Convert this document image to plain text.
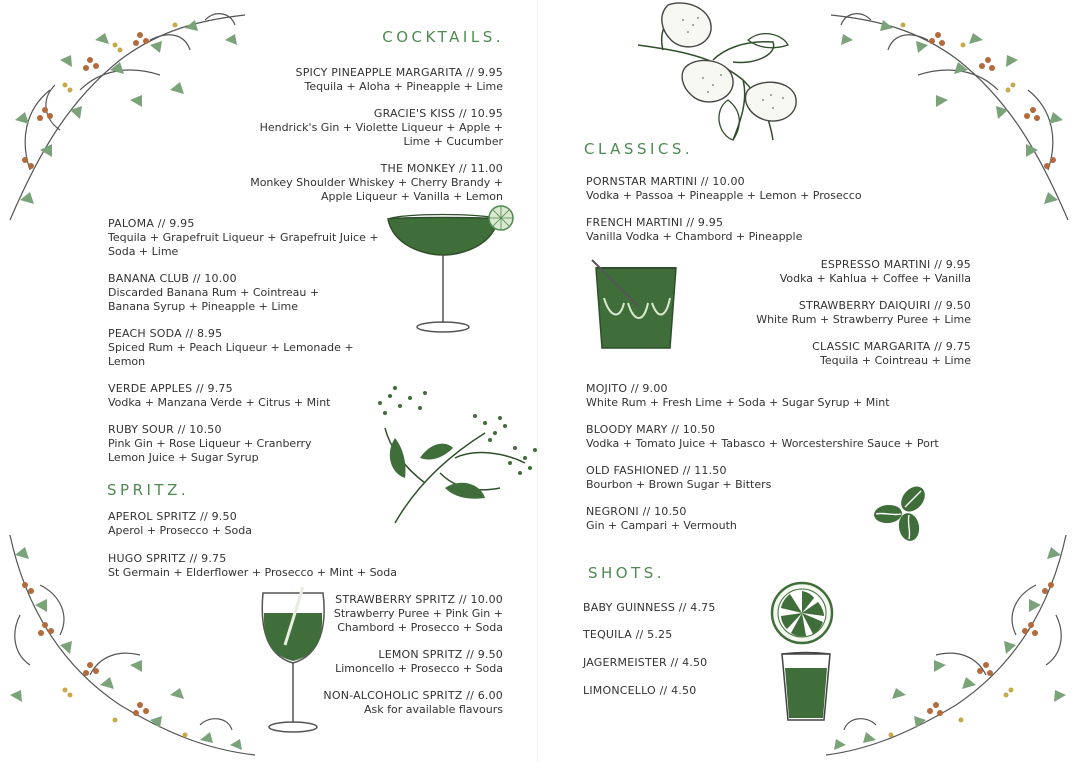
COCKTAILS.
SPICY PINEAPPLE MARGARITA // 9.95
Tequila + Aloha + Pineapple + Lime
GRACIE'S KISS // 10.95
Hendrick's Gin + Violette Liqueur + Apple + Lime + Cucumber
THE MONKEY // 11.00
Monkey Shoulder Whiskey + Cherry Brandy + Apple Liqueur + Vanilla + Lemon
PALOMA // 9.95
Tequila + Grapefruit Liqueur + Grapefruit Juice + Soda + Lime
BANANA CLUB // 10.00
Discarded Banana Rum + Cointreau + Banana Syrup + Pineapple + Lime
PEACH SODA // 8.95
Spiced Rum + Peach Liqueur + Lemonade + Lemon
VERDE APPLES // 9.75
Vodka + Manzana Verde + Citrus + Mint
RUBY SOUR // 10.50
Pink Gin + Rose Liqueur + Cranberry Lemon Juice + Sugar Syrup
SPRITZ.
APEROL SPRITZ // 9.50
Aperol + Prosecco + Soda
HUGO SPRITZ // 9.75
St Germain + Elderflower + Prosecco + Mint + Soda
STRAWBERRY SPRITZ // 10.00
Strawberry Puree + Pink Gin + Chambord + Prosecco + Soda
LEMON SPRITZ // 9.50
Limoncello + Prosecco + Soda
NON-ALCOHOLIC SPRITZ // 6.00
Ask for available flavours
CLASSICS.
PORNSTAR MARTINI // 10.00
Vodka + Passoa + Pineapple + Lemon + Prosecco
FRENCH MARTINI // 9.95
Vanilla Vodka + Chambord + Pineapple
ESPRESSO MARTINI // 9.95
Vodka + Kahlua + Coffee + Vanilla
STRAWBERRY DAIQUIRI // 9.50
White Rum + Strawberry Puree + Lime
CLASSIC MARGARITA // 9.75
Tequila + Cointreau + Lime
MOJITO // 9.00
White Rum + Fresh Lime + Soda + Sugar Syrup + Mint
BLOODY MARY // 10.50
Vodka + Tomato Juice + Tabasco + Worcestershire Sauce + Port
OLD FASHIONED // 11.50
Bourbon + Brown Sugar + Bitters
NEGRONI // 10.50
Gin + Campari + Vermouth
SHOTS.
BABY GUINNESS // 4.75
TEQUILA // 5.25
JAGERMEISTER // 4.50
LIMONCELLO // 4.50
